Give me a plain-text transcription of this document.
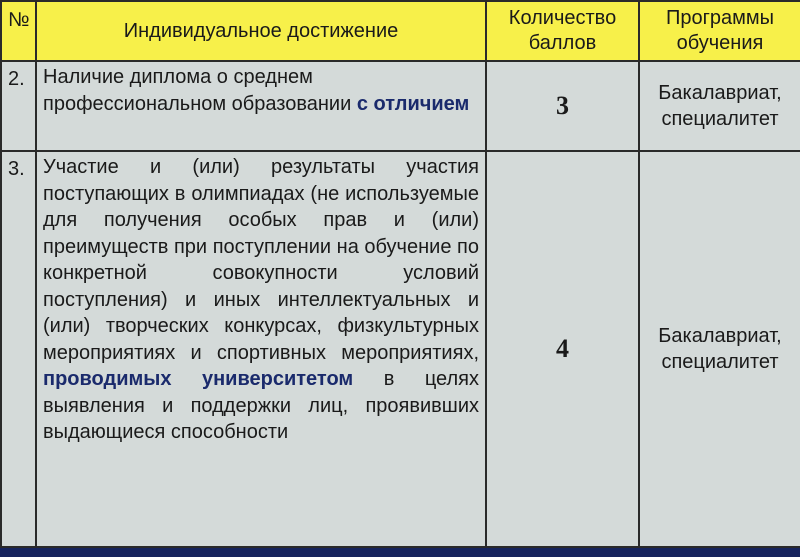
№	Индивидуальное достижение	Количество баллов	Программы обучения
2.	Наличие диплома о среднем профессиональном образовании с отличием	3	Бакалавриат, специалитет
3.	Участие и (или) результаты участия поступающих в олимпиадах (не используемые для получения особых прав и (или) преимуществ при поступлении на обучение по конкретной совокупности условий поступления) и иных интеллектуальных и (или) творческих конкурсах, физкультурных мероприятиях и спортивных мероприятиях, проводимых университетом в целях выявления и поддержки лиц, проявивших выдающиеся способности	4	Бакалавриат, специалитет
